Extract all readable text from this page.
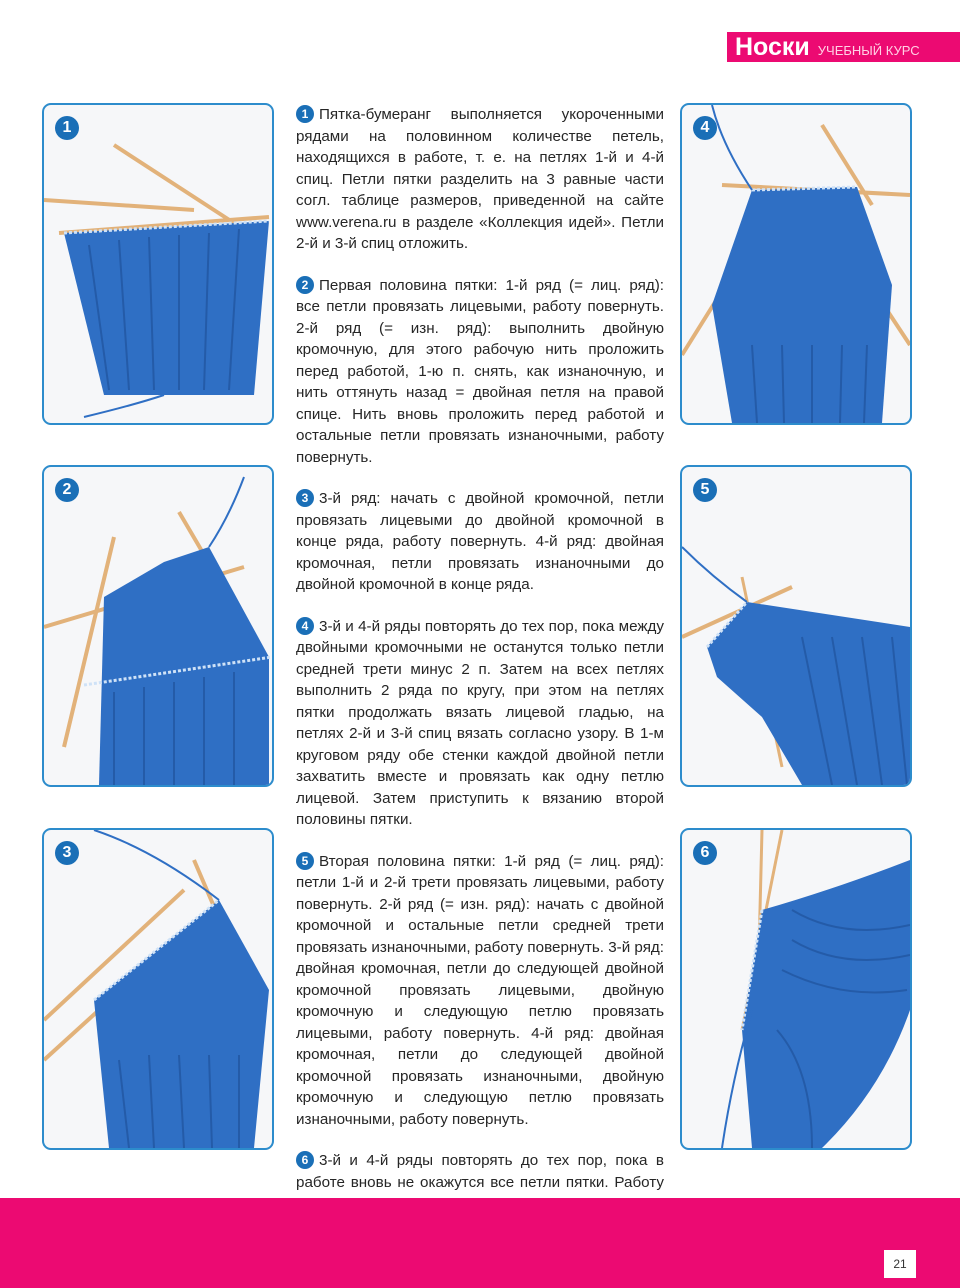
Носки УЧЕБНЫЙ КУРС
1
2
3
4
5
6

1 Пятка-бумеранг выполняется укороченными рядами на половинном количестве петель, находящихся в работе, т. е. на петлях 1-й и 4-й спиц. Петли пятки разделить на 3 равные части согл. таблице размеров, приведенной на сайте www.verena.ru в разделе «Коллекция идей». Петли 2-й и 3-й спиц отложить.

2 Первая половина пятки: 1-й ряд (= лиц. ряд): все петли провязать лицевыми, работу повернуть. 2-й ряд (= изн. ряд): выполнить двойную кромочную, для этого рабочую нить проложить перед работой, 1-ю п. снять, как изнаночную, и нить оттянуть назад = двойная петля на правой спице. Нить вновь проложить перед работой и остальные петли провязать изнаночными, работу повернуть.

3 3-й ряд: начать с двойной кромочной, петли провязать лицевыми до двойной кромочной в конце ряда, работу повернуть. 4-й ряд: двойная кромочная, петли провязать изнаночными до двойной кромочной в конце ряда.

4 3-й и 4-й ряды повторять до тех пор, пока между двойными кромочными не останутся только петли средней трети минус 2 п. Затем на всех петлях выполнить 2 ряда по кругу, при этом на петлях пятки продолжать вязать лицевой гладью, на петлях 2-й и 3-й спиц вязать согласно узору. В 1-м круговом ряду обе стенки каждой двойной петли захватить вместе и провязать как одну петлю лицевой. Затем приступить к вязанию второй половины пятки.

5 Вторая половина пятки: 1-й ряд (= лиц. ряд): петли 1-й и 2-й трети провязать лицевыми, работу повернуть. 2-й ряд (= изн. ряд): начать с двойной кромочной и остальные петли средней трети провязать изнаночными, работу повернуть. 3-й ряд: двойная кромочная, петли до следующей двойной кромочной провязать лицевыми, двойную кромочную и следующую петлю провязать лицевыми, работу повернуть. 4-й ряд: двойная кромочная, петли до следующей двойной кромочной провязать изнаночными, двойную кромочную и следующую петлю провязать изнаночными, работу повернуть.

6 3-й и 4-й ряды повторять до тех пор, пока в работе вновь не окажутся все петли пятки. Работу

21
